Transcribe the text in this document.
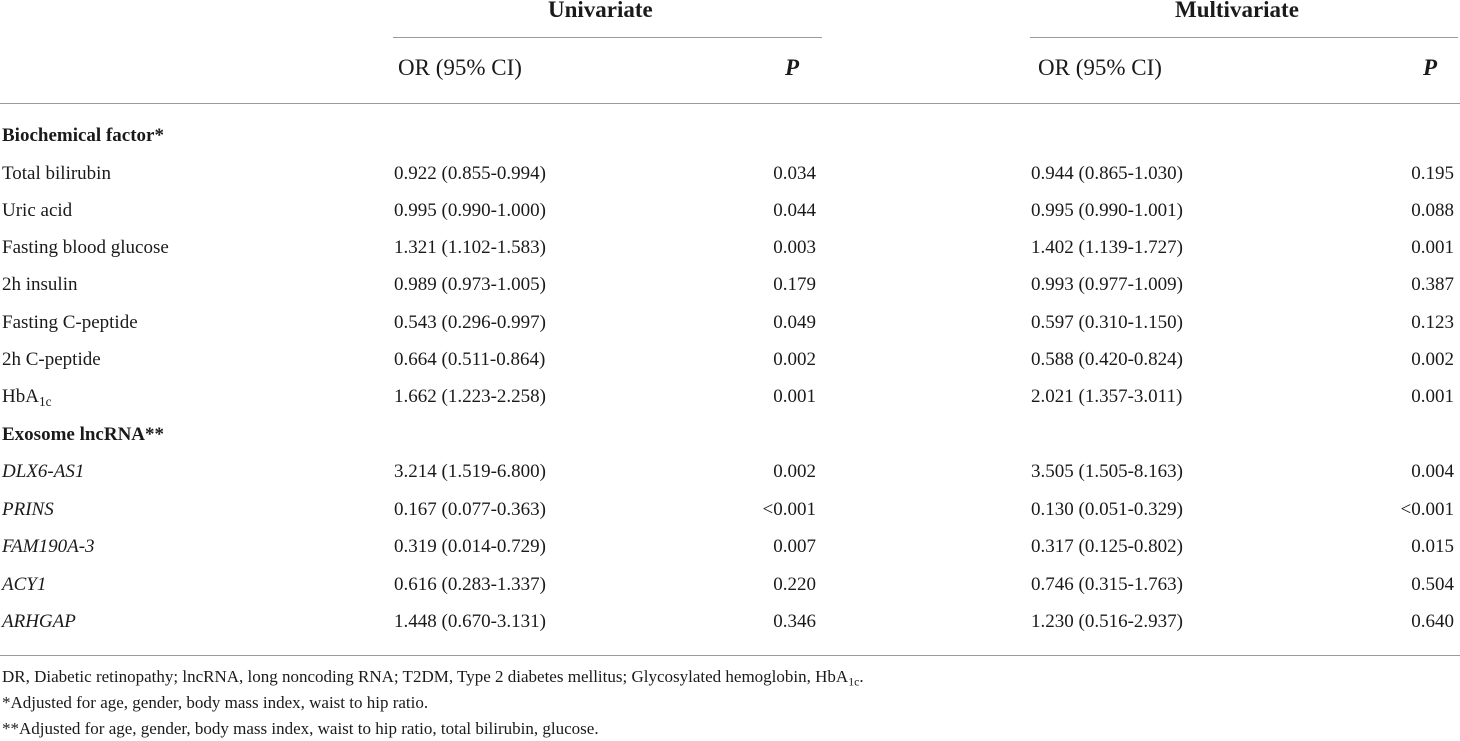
Univariate	Multivariate
OR (95% CI)	P	OR (95% CI)	P
Biochemical factor*
Total bilirubin	0.922 (0.855-0.994)	0.034	0.944 (0.865-1.030)	0.195
Uric acid	0.995 (0.990-1.000)	0.044	0.995 (0.990-1.001)	0.088
Fasting blood glucose	1.321 (1.102-1.583)	0.003	1.402 (1.139-1.727)	0.001
2h insulin	0.989 (0.973-1.005)	0.179	0.993 (0.977-1.009)	0.387
Fasting C-peptide	0.543 (0.296-0.997)	0.049	0.597 (0.310-1.150)	0.123
2h C-peptide	0.664 (0.511-0.864)	0.002	0.588 (0.420-0.824)	0.002
HbA$_{1c}$	1.662 (1.223-2.258)	0.001	2.021 (1.357-3.011)	0.001
Exosome lncRNA**
DLX6-AS1	3.214 (1.519-6.800)	0.002	3.505 (1.505-8.163)	0.004
PRINS	0.167 (0.077-0.363)	<0.001	0.130 (0.051-0.329)	<0.001
FAM190A-3	0.319 (0.014-0.729)	0.007	0.317 (0.125-0.802)	0.015
ACY1	0.616 (0.283-1.337)	0.220	0.746 (0.315-1.763)	0.504
ARHGAP	1.448 (0.670-3.131)	0.346	1.230 (0.516-2.937)	0.640
DR, Diabetic retinopathy; lncRNA, long noncoding RNA; T2DM, Type 2 diabetes mellitus; Glycosylated hemoglobin, HbA$_{1c}$.
*Adjusted for age, gender, body mass index, waist to hip ratio.
**Adjusted for age, gender, body mass index, waist to hip ratio, total bilirubin, glucose.
